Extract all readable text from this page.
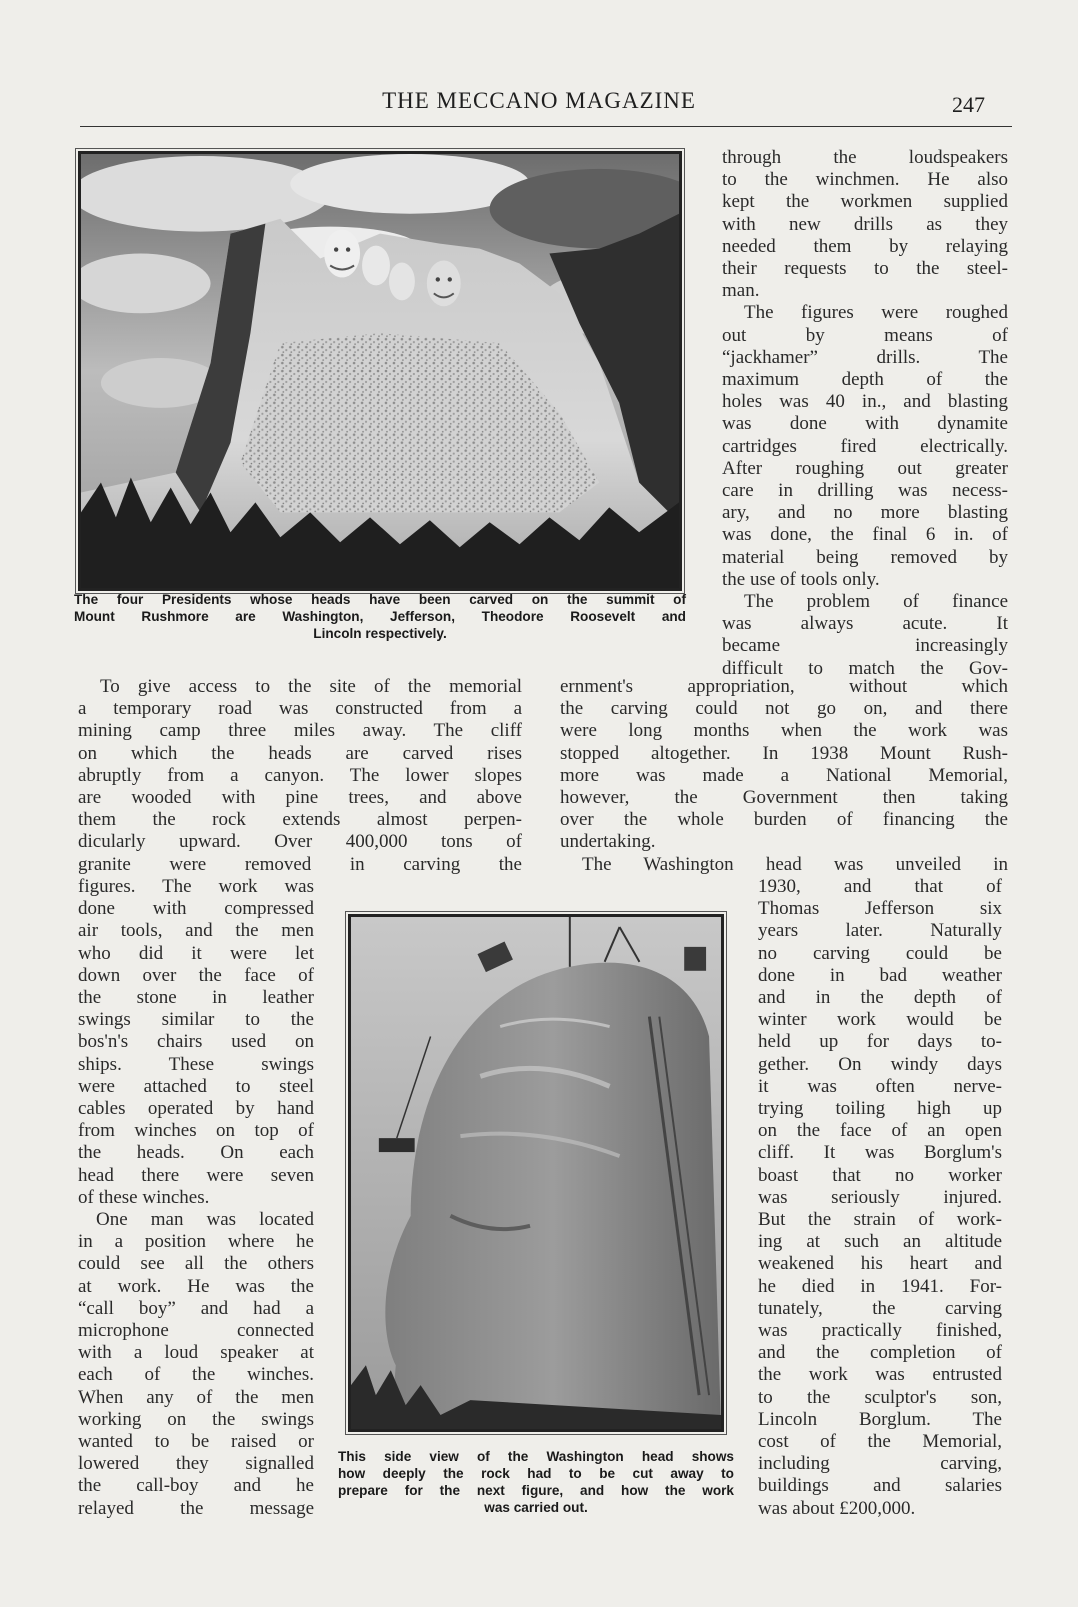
THE MECCANO MAGAZINE	247
The four Presidents whose heads have been carved on the summit of
Mount Rushmore are Washington, Jefferson, Theodore Roosevelt and
Lincoln respectively.
through the loudspeakers
to the winchmen. He also
kept the workmen supplied
with new drills as they
needed them by relaying
their requests to the steel-
man.
The figures were roughed
out by means of
“jackhamer” drills. The
maximum depth of the
holes was 40 in., and blasting
was done with dynamite
cartridges fired electrically.
After roughing out greater
care in drilling was necess-
ary, and no more blasting
was done, the final 6 in. of
material being removed by
the use of tools only.
The problem of finance
was always acute. It
became increasingly
difficult to match the Gov-
To give access to the site of the memorial
a temporary road was constructed from a
mining camp three miles away. The cliff
on which the heads are carved rises
abruptly from a canyon. The lower slopes
are wooded with pine trees, and above
them the rock extends almost perpen-
dicularly upward. Over 400,000 tons of
granite were removed in carving the
ernment's appropriation, without which
the carving could not go on, and there
were long months when the work was
stopped altogether. In 1938 Mount Rush-
more was made a National Memorial,
however, the Government then taking
over the whole burden of financing the
undertaking.
The Washington head was unveiled in
figures. The work was
done with compressed
air tools, and the men
who did it were let
down over the face of
the stone in leather
swings similar to the
bos'n's chairs used on
ships. These swings
were attached to steel
cables operated by hand
from winches on top of
the heads. On each
head there were seven
of these winches.
One man was located
in a position where he
could see all the others
at work. He was the
“call boy” and had a
microphone connected
with a loud speaker at
each of the winches.
When any of the men
working on the swings
wanted to be raised or
lowered they signalled
the call-boy and he
relayed the message
This side view of the Washington head shows
how deeply the rock had to be cut away to
prepare for the next figure, and how the work
was carried out.
1930, and that of
Thomas Jefferson six
years later. Naturally
no carving could be
done in bad weather
and in the depth of
winter work would be
held up for days to-
gether. On windy days
it was often nerve-
trying toiling high up
on the face of an open
cliff. It was Borglum's
boast that no worker
was seriously injured.
But the strain of work-
ing at such an altitude
weakened his heart and
he died in 1941. For-
tunately, the carving
was practically finished,
and the completion of
the work was entrusted
to the sculptor's son,
Lincoln Borglum. The
cost of the Memorial,
including carving,
buildings and salaries
was about £200,000.
